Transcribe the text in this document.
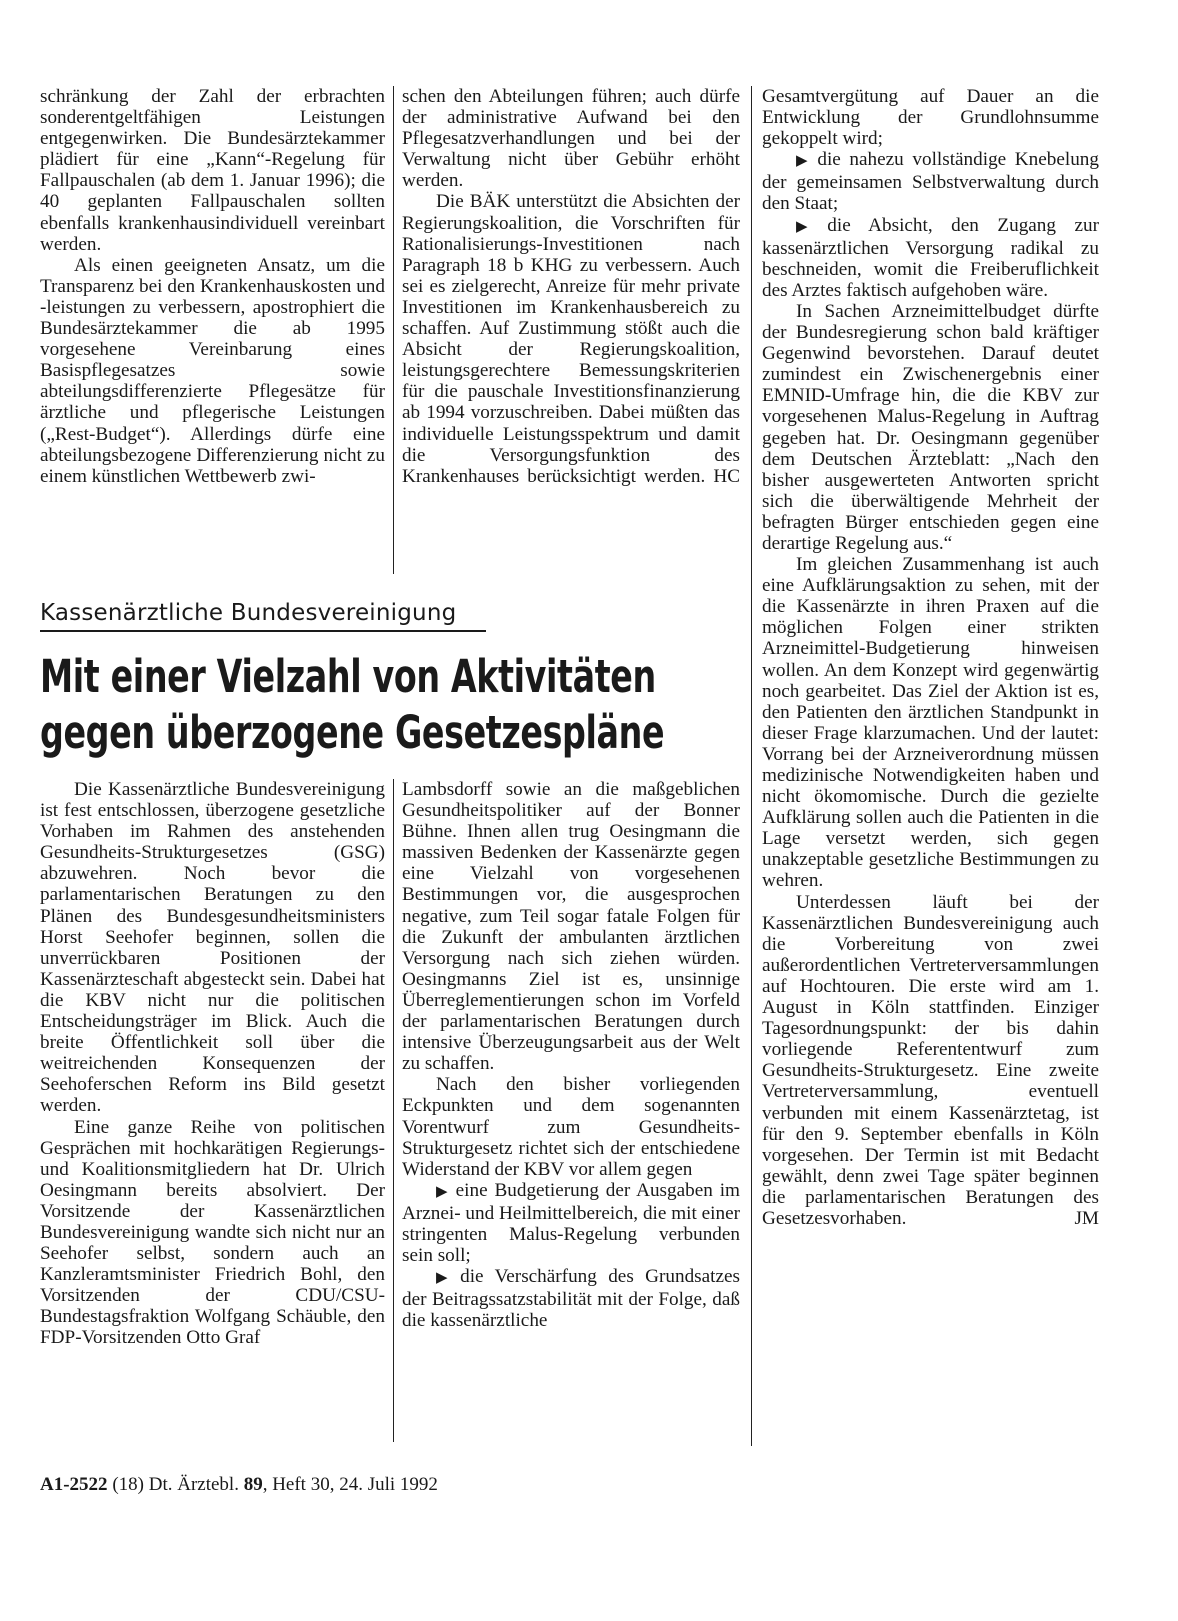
schränkung der Zahl der erbrachten sonderentgeltfähigen Leistungen entgegenwirken. Die Bundesärztekammer plädiert für eine „Kann“-Regelung für Fallpauschalen (ab dem 1. Januar 1996); die 40 geplanten Fallpauschalen sollten ebenfalls krankenhausindividuell vereinbart werden.

Als einen geeigneten Ansatz, um die Transparenz bei den Krankenhauskosten und -leistungen zu verbessern, apostrophiert die Bundesärztekammer die ab 1995 vorgesehene Vereinbarung eines Basispflegesatzes sowie abteilungsdifferenzierte Pflegesätze für ärztliche und pflegerische Leistungen („Rest-Budget“). Allerdings dürfe eine abteilungsbezogene Differenzierung nicht zu einem künstlichen Wettbewerb zwi-

schen den Abteilungen führen; auch dürfe der administrative Aufwand bei den Pflegesatzverhandlungen und bei der Verwaltung nicht über Gebühr erhöht werden.

Die BÄK unterstützt die Absichten der Regierungskoalition, die Vorschriften für Rationalisierungs-Investitionen nach Paragraph 18 b KHG zu verbessern. Auch sei es zielgerecht, Anreize für mehr private Investitionen im Krankenhausbereich zu schaffen. Auf Zustimmung stößt auch die Absicht der Regierungskoalition, leistungsgerechtere Bemessungskriterien für die pauschale Investitionsfinanzierung ab 1994 vorzuschreiben. Dabei müßten das individuelle Leistungsspektrum und damit die Versorgungsfunktion des Krankenhauses berücksichtigt werden. HC

Gesamtvergütung auf Dauer an die Entwicklung der Grundlohnsumme gekoppelt wird;

▶ die nahezu vollständige Knebelung der gemeinsamen Selbstverwaltung durch den Staat;

▶ die Absicht, den Zugang zur kassenärztlichen Versorgung radikal zu beschneiden, womit die Freiberuflichkeit des Arztes faktisch aufgehoben wäre.

In Sachen Arzneimittelbudget dürfte der Bundesregierung schon bald kräftiger Gegenwind bevorstehen. Darauf deutet zumindest ein Zwischenergebnis einer EMNID-Umfrage hin, die die KBV zur vorgesehenen Malus-Regelung in Auftrag gegeben hat. Dr. Oesingmann gegenüber dem Deutschen Ärzteblatt: „Nach den bisher ausgewerteten Antworten spricht sich die überwältigende Mehrheit der befragten Bürger entschieden gegen eine derartige Regelung aus.“

Im gleichen Zusammenhang ist auch eine Aufklärungsaktion zu sehen, mit der die Kassenärzte in ihren Praxen auf die möglichen Folgen einer strikten Arzneimittel-Budgetierung hinweisen wollen. An dem Konzept wird gegenwärtig noch gearbeitet. Das Ziel der Aktion ist es, den Patienten den ärztlichen Standpunkt in dieser Frage klarzumachen. Und der lautet: Vorrang bei der Arzneiverordnung müssen medizinische Notwendigkeiten haben und nicht ökomomische. Durch die gezielte Aufklärung sollen auch die Patienten in die Lage versetzt werden, sich gegen unakzeptable gesetzliche Bestimmungen zu wehren.

Unterdessen läuft bei der Kassenärztlichen Bundesvereinigung auch die Vorbereitung von zwei außerordentlichen Vertreterversammlungen auf Hochtouren. Die erste wird am 1. August in Köln stattfinden. Einziger Tagesordnungspunkt: der bis dahin vorliegende Referententwurf zum Gesundheits-Strukturgesetz. Eine zweite Vertreterversammlung, eventuell verbunden mit einem Kassenärztetag, ist für den 9. September ebenfalls in Köln vorgesehen. Der Termin ist mit Bedacht gewählt, denn zwei Tage später beginnen die parlamentarischen Beratungen des Gesetzesvorhaben. JM

Kassenärztliche Bundesvereinigung
Mit einer Vielzahl von Aktivitäten
gegen überzogene Gesetzespläne

Die Kassenärztliche Bundesvereinigung ist fest entschlossen, überzogene gesetzliche Vorhaben im Rahmen des anstehenden Gesundheits-Strukturgesetzes (GSG) abzuwehren. Noch bevor die parlamentarischen Beratungen zu den Plänen des Bundesgesundheitsministers Horst Seehofer beginnen, sollen die unverrückbaren Positionen der Kassenärzteschaft abgesteckt sein. Dabei hat die KBV nicht nur die politischen Entscheidungsträger im Blick. Auch die breite Öffentlichkeit soll über die weitreichenden Konsequenzen der Seehoferschen Reform ins Bild gesetzt werden.

Eine ganze Reihe von politischen Gesprächen mit hochkarätigen Regierungs- und Koalitionsmitgliedern hat Dr. Ulrich Oesingmann bereits absolviert. Der Vorsitzende der Kassenärztlichen Bundesvereinigung wandte sich nicht nur an Seehofer selbst, sondern auch an Kanzleramtsminister Friedrich Bohl, den Vorsitzenden der CDU/CSU-Bundestagsfraktion Wolfgang Schäuble, den FDP-Vorsitzenden Otto Graf

Lambsdorff sowie an die maßgeblichen Gesundheitspolitiker auf der Bonner Bühne. Ihnen allen trug Oesingmann die massiven Bedenken der Kassenärzte gegen eine Vielzahl von vorgesehenen Bestimmungen vor, die ausgesprochen negative, zum Teil sogar fatale Folgen für die Zukunft der ambulanten ärztlichen Versorgung nach sich ziehen würden. Oesingmanns Ziel ist es, unsinnige Überreglementierungen schon im Vorfeld der parlamentarischen Beratungen durch intensive Überzeugungsarbeit aus der Welt zu schaffen.

Nach den bisher vorliegenden Eckpunkten und dem sogenannten Vorentwurf zum Gesundheits-Strukturgesetz richtet sich der entschiedene Widerstand der KBV vor allem gegen

▶ eine Budgetierung der Ausgaben im Arznei- und Heilmittelbereich, die mit einer stringenten Malus-Regelung verbunden sein soll;

▶ die Verschärfung des Grundsatzes der Beitragssatzstabilität mit der Folge, daß die kassenärztliche

A1-2522 (18) Dt. Ärztebl. 89, Heft 30, 24. Juli 1992
